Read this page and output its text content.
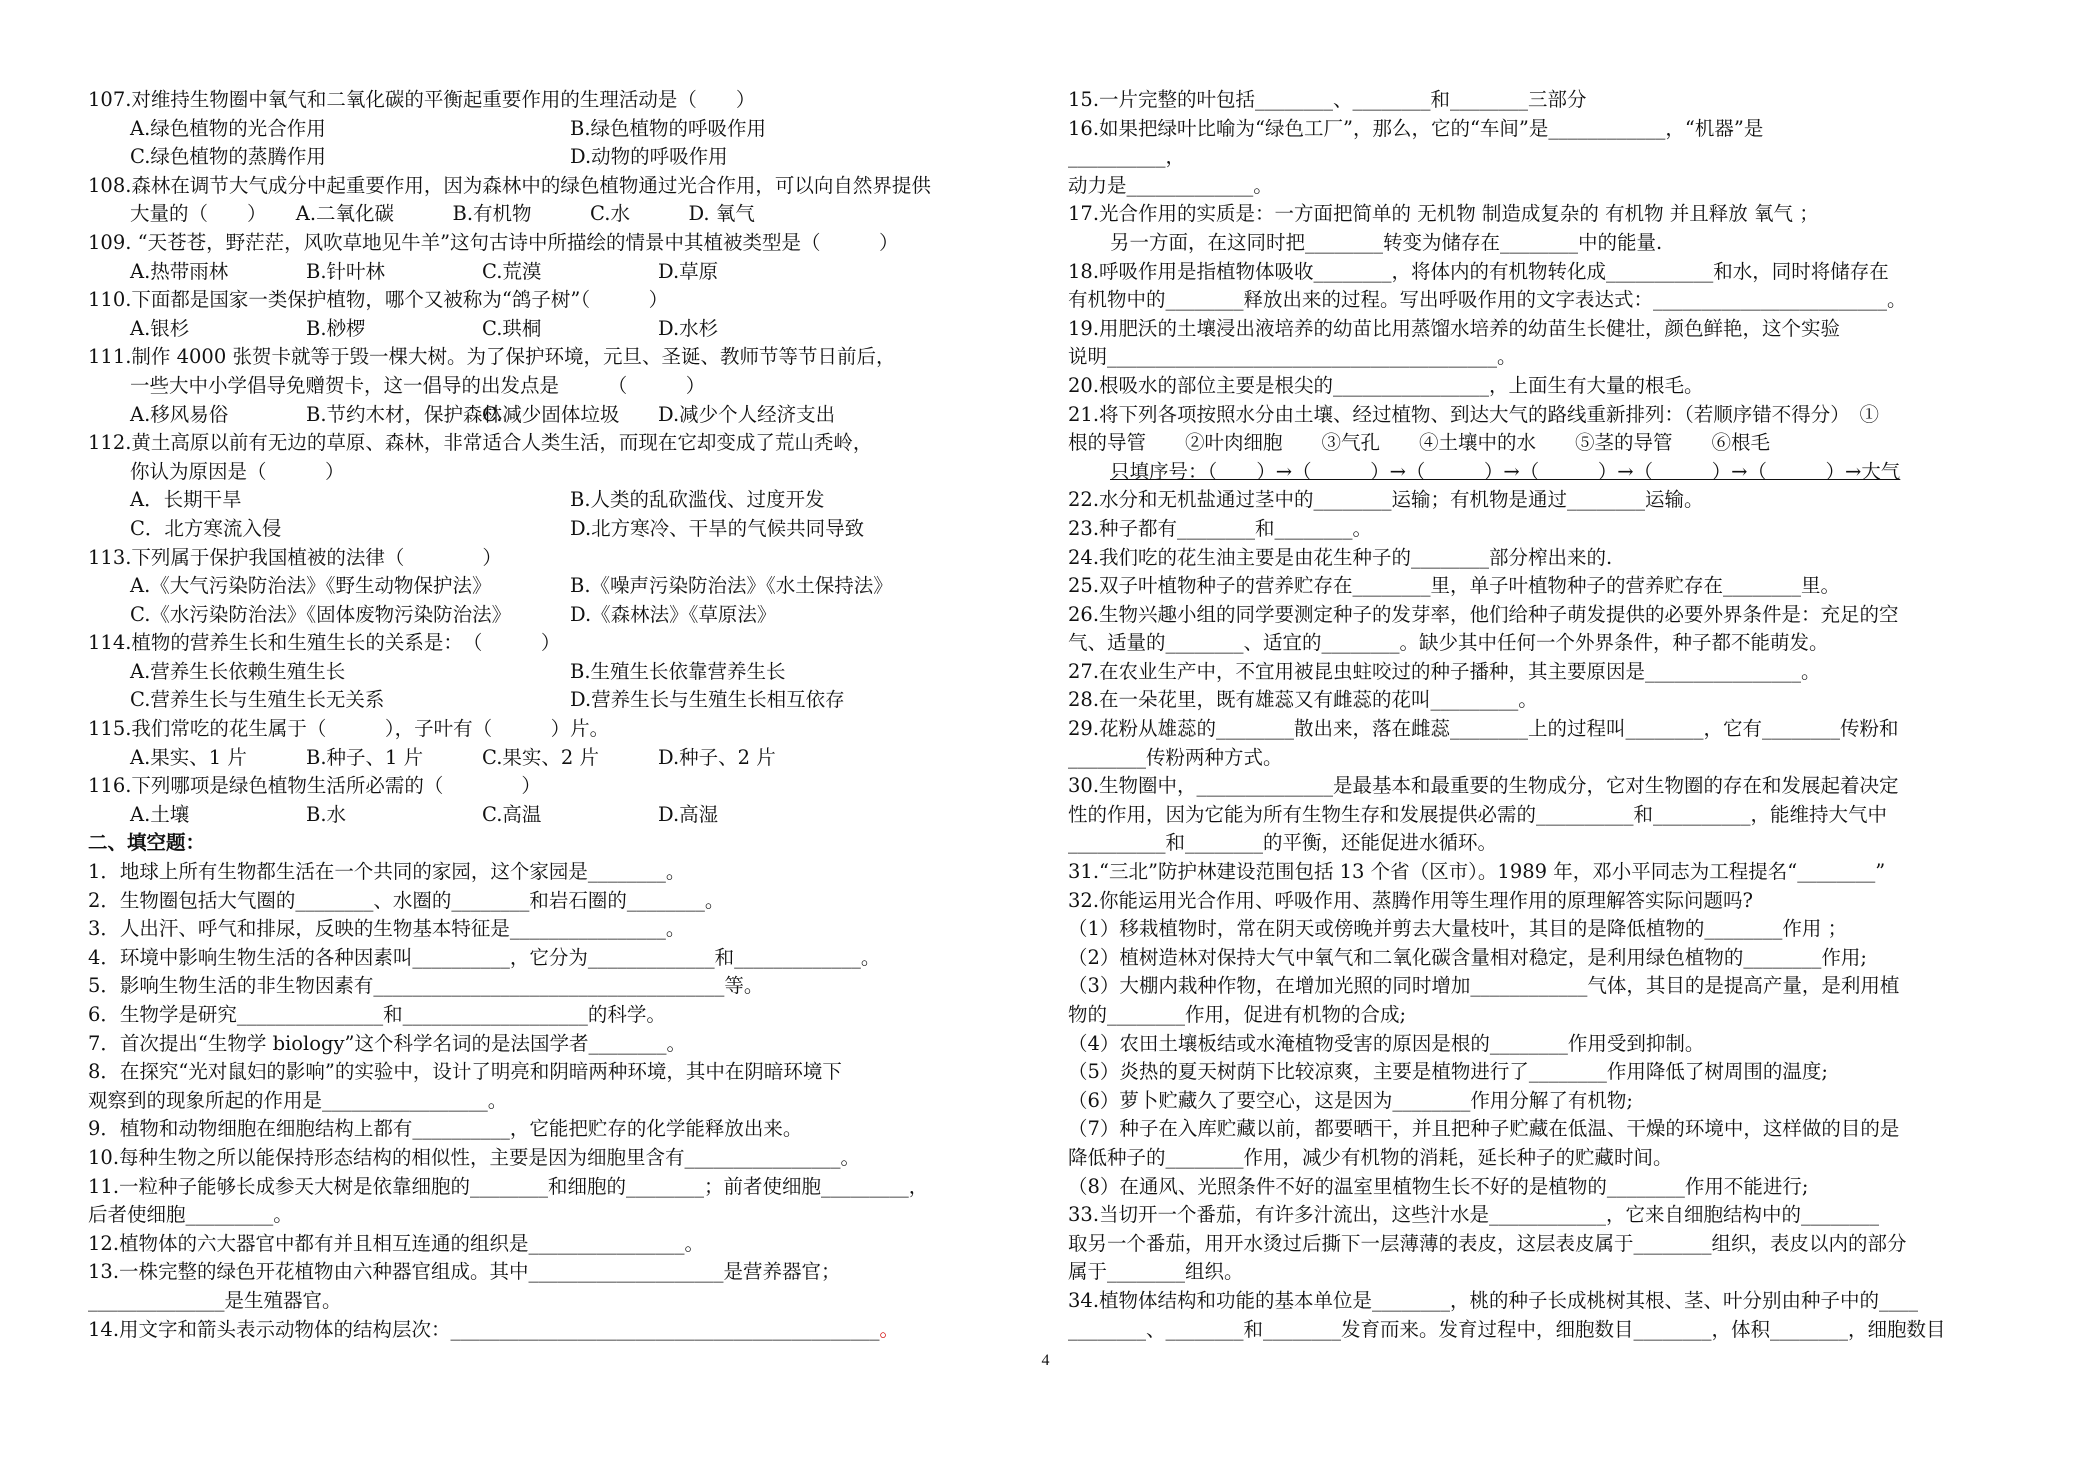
107.对维持生物圈中氧气和二氧化碳的平衡起重要作用的生理活动是（　　）
A.绿色植物的光合作用	B.绿色植物的呼吸作用
C.绿色植物的蒸腾作用	D.动物的呼吸作用
108.森林在调节大气成分中起重要作用，因为森林中的绿色植物通过光合作用，可以向自然界提供
大量的（　　）　　A.二氧化碳　　　B.有机物　　　C.水　　　D. 氧气
109. “天苍苍，野茫茫，风吹草地见牛羊”这句古诗中所描绘的情景中其植被类型是（　　　）
A.热带雨林	B.针叶林	C.荒漠	D.草原
110.下面都是国家一类保护植物，哪个又被称为“鸽子树”（　　　）
A.银杉	B.桫椤	C.珙桐	D.水杉
111.制作 4000 张贺卡就等于毁一棵大树。为了保护环境，元旦、圣诞、教师节等节日前后，
一些大中小学倡导免赠贺卡，这一倡导的出发点是　　　（　　　）
A.移风易俗	B.节约木材，保护森林C.减少固体垃圾 D.减少个人经济支出
112.黄土高原以前有无边的草原、森林，非常适合人类生活，而现在它却变成了荒山秃岭，
你认为原因是（　　　）
A．长期干旱	B.人类的乱砍滥伐、过度开发
C．北方寒流入侵	D.北方寒冷、干旱的气候共同导致
113.下列属于保护我国植被的法律（　　　　）
A.《大气污染防治法》《野生动物保护法》	B.《噪声污染防治法》《水土保持法》
C.《水污染防治法》《固体废物污染防治法》	D.《森林法》《草原法》
114.植物的营养生长和生殖生长的关系是：　（　　　）
A.营养生长依赖生殖生长	B.生殖生长依靠营养生长
C.营养生长与生殖生长无关系	D.营养生长与生殖生长相互依存
115.我们常吃的花生属于（　　　），子叶有（　　　）片。
A.果实、1 片	B.种子、1 片	C.果实、2 片	D.种子、2 片
116.下列哪项是绿色植物生活所必需的（　　　　）
A.土壤	B.水	C.高温	D.高湿
二、填空题：
1．地球上所有生物都生活在一个共同的家园，这个家园是________。
2．生物圈包括大气圈的________、水圈的________和岩石圈的________。
3．人出汗、呼气和排尿，反映的生物基本特征是________________。
4．环境中影响生物生活的各种因素叫__________，它分为_____________和_____________。
5．影响生物生活的非生物因素有____________________________________等。
6．生物学是研究_______________和___________________的科学。
7．首次提出“生物学 biology”这个科学名词的是法国学者________。
8．在探究“光对鼠妇的影响”的实验中，设计了明亮和阴暗两种环境，其中在阴暗环境下
观察到的现象所起的作用是_________________。
9．植物和动物细胞在细胞结构上都有__________，它能把贮存的化学能释放出来。
10.每种生物之所以能保持形态结构的相似性，主要是因为细胞里含有________________。
11.一粒种子能够长成参天大树是依靠细胞的________和细胞的________；前者使细胞_________，
后者使细胞_________。
12.植物体的六大器官中都有并且相互连通的组织是________________。
13.一株完整的绿色开花植物由六种器官组成。其中____________________是营养器官；
______________是生殖器官。
14.用文字和箭头表示动物体的结构层次：____________________________________________。
15.一片完整的叶包括________、________和________三部分
16.如果把绿叶比喻为“绿色工厂”，那么，它的“车间”是____________，“机器”是
__________，
动力是_____________。
17.光合作用的实质是：一方面把简单的 无机物 制造成复杂的 有机物 并且释放 氧气 ；
另一方面，在这同时把________转变为储存在________中的能量.
18.呼吸作用是指植物体吸收________，将体内的有机物转化成___________和水，同时将储存在
有机物中的________释放出来的过程。写出呼吸作用的文字表达式：________________________。
19.用肥沃的土壤浸出液培养的幼苗比用蒸馏水培养的幼苗生长健壮，颜色鲜艳，这个实验
说明________________________________________。
20.根吸水的部位主要是根尖的________________，上面生有大量的根毛。
21.将下列各项按照水分由土壤、经过植物、到达大气的路线重新排列：（若顺序错不得分）　①
根的导管　　②叶肉细胞　　③气孔　　④土壤中的水　　⑤茎的导管　　⑥根毛
只填序号：（　　）→（　　　）→（　　　）→（　　　）→（　　　）→（　　　）→大气
22.水分和无机盐通过茎中的________运输；有机物是通过________运输。
23.种子都有________和________。
24.我们吃的花生油主要是由花生种子的________部分榨出来的.
25.双子叶植物种子的营养贮存在________里，单子叶植物种子的营养贮存在________里。
26.生物兴趣小组的同学要测定种子的发芽率，他们给种子萌发提供的必要外界条件是：充足的空
气、适量的________、适宜的________。缺少其中任何一个外界条件，种子都不能萌发。
27.在农业生产中，不宜用被昆虫蛀咬过的种子播种，其主要原因是________________。
28.在一朵花里，既有雄蕊又有雌蕊的花叫_________。
29.花粉从雄蕊的________散出来，落在雌蕊________上的过程叫________，它有________传粉和
________传粉两种方式。
30.生物圈中，______________是最基本和最重要的生物成分，它对生物圈的存在和发展起着决定
性的作用，因为它能为所有生物生存和发展提供必需的__________和__________，能维持大气中
__________和________的平衡，还能促进水循环。
31.“三北”防护林建设范围包括 13 个省（区市）。1989 年，邓小平同志为工程提名“________”
32.你能运用光合作用、呼吸作用、蒸腾作用等生理作用的原理解答实际问题吗?
（1）移栽植物时，常在阴天或傍晚并剪去大量枝叶，其目的是降低植物的________作用 ；
（2）植树造林对保持大气中氧气和二氧化碳含量相对稳定，是利用绿色植物的________作用;
（3）大棚内栽种作物，在增加光照的同时增加____________气体，其目的是提高产量，是利用植
物的________作用，促进有机物的合成;
（4）农田土壤板结或水淹植物受害的原因是根的________作用受到抑制。
（5）炎热的夏天树荫下比较凉爽，主要是植物进行了________作用降低了树周围的温度;
（6）萝卜贮藏久了要空心，这是因为________作用分解了有机物;
（7）种子在入库贮藏以前，都要晒干，并且把种子贮藏在低温、干燥的环境中，这样做的目的是
降低种子的________作用，减少有机物的消耗，延长种子的贮藏时间。
（8）在通风、光照条件不好的温室里植物生长不好的是植物的________作用不能进行;
33.当切开一个番茄，有许多汁流出，这些汁水是____________，它来自细胞结构中的________
取另一个番茄，用开水烫过后撕下一层薄薄的表皮，这层表皮属于________组织，表皮以内的部分
属于________组织。
34.植物体结构和功能的基本单位是________，桃的种子长成桃树其根、茎、叶分别由种子中的____
________、________和________发育而来。发育过程中，细胞数目________，体积________，细胞数目
4
